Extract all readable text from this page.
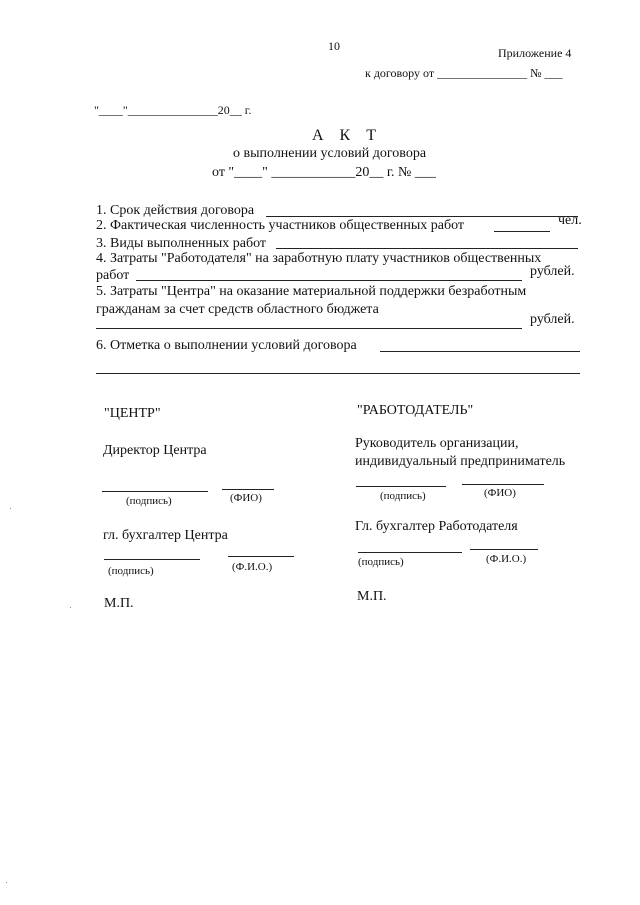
10	Приложение 4
к договору от _______________ № ___
"____"_______________20__ г.
А К Т
о выполнении условий договора
от "____" ____________20__ г. № ___
1. Срок действия договора
2. Фактическая численность участников общественных работ	чел.
3. Виды выполненных работ
4. Затраты "Работодателя" на заработную плату участников общественных
работ	рублей.
5. Затраты "Центра" на оказание материальной поддержки безработным
гражданам за счет средств областного бюджета
рублей.
6. Отметка о выполнении условий договора
"ЦЕНТР"
Директор Центра
(подпись)	(ФИО)
гл. бухгалтер Центра
(подпись)	(Ф.И.О.)
М.П.
"РАБОТОДАТЕЛЬ"
Руководитель организации,
индивидуальный предприниматель
(подпись)	(ФИО)
Гл. бухгалтер Работодателя
(подпись)	(Ф.И.О.)
М.П.
